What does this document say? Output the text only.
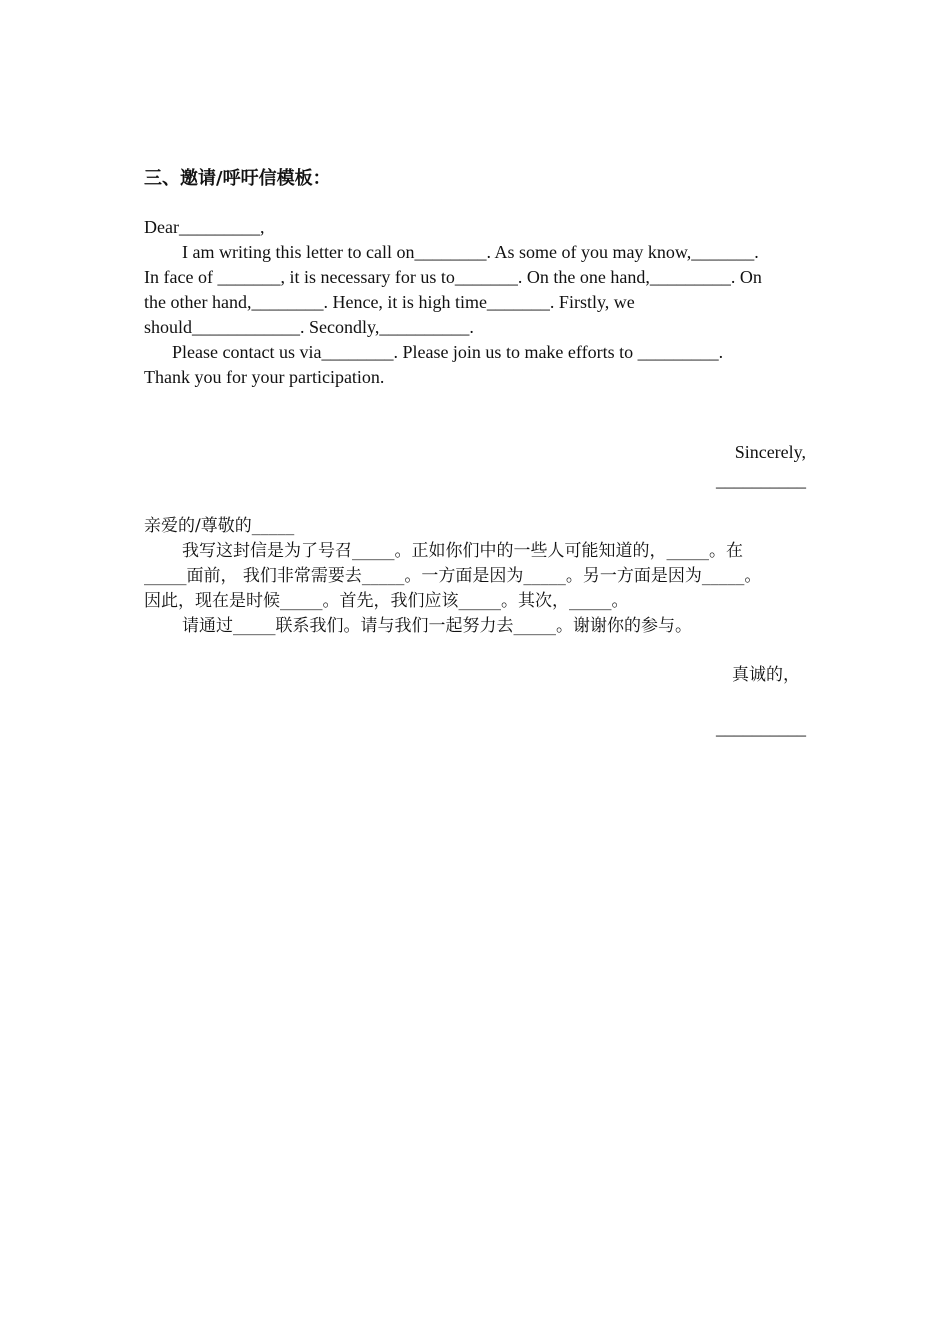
三、邀请/呼吁信模板：
Dear_________,
I am writing this letter to call on________. As some of you may know,_______.
In face of _______, it is necessary for us to_______. On the one hand,_________. On
the other hand,________. Hence, it is high time_______. Firstly, we
should____________. Secondly,__________.
Please contact us via________. Please join us to make efforts to _________.
Thank you for your participation.
Sincerely,
__________
亲爱的/尊敬的_____
我写这封信是为了号召_____。正如你们中的一些人可能知道的，_____。在
_____面前， 我们非常需要去_____。一方面是因为_____。另一方面是因为_____。
因此，现在是时候_____。首先，我们应该_____。其次，_____。
请通过_____联系我们。请与我们一起努力去_____。谢谢你的参与。
真诚的，
__________
